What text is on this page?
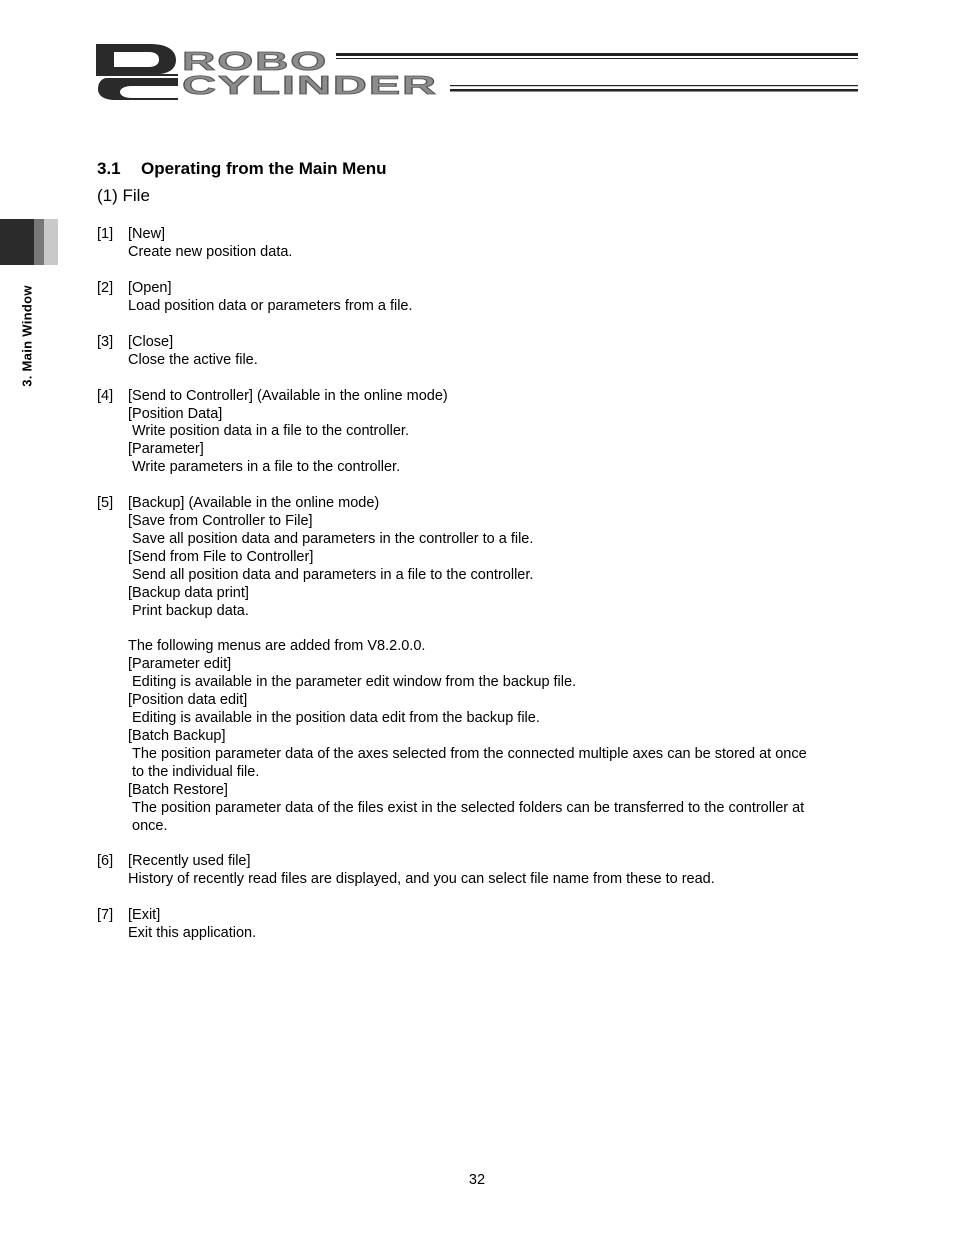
ROBO
CYLINDER
3. Main Window
3.1 Operating from the Main Menu
(1) File
[1] [New]
Create new position data.
[2] [Open]
Load position data or parameters from a file.
[3] [Close]
Close the active file.
[4] [Send to Controller] (Available in the online mode)
[Position Data]
Write position data in a file to the controller.
[Parameter]
Write parameters in a file to the controller.
[5] [Backup] (Available in the online mode)
[Save from Controller to File]
Save all position data and parameters in the controller to a file.
[Send from File to Controller]
Send all position data and parameters in a file to the controller.
[Backup data print]
Print backup data.
The following menus are added from V8.2.0.0.
[Parameter edit]
Editing is available in the parameter edit window from the backup file.
[Position data edit]
Editing is available in the position data edit from the backup file.
[Batch Backup]
The position parameter data of the axes selected from the connected multiple axes can be stored at once
to the individual file.
[Batch Restore]
The position parameter data of the files exist in the selected folders can be transferred to the controller at
once.
[6] [Recently used file]
History of recently read files are displayed, and you can select file name from these to read.
[7] [Exit]
Exit this application.
32
